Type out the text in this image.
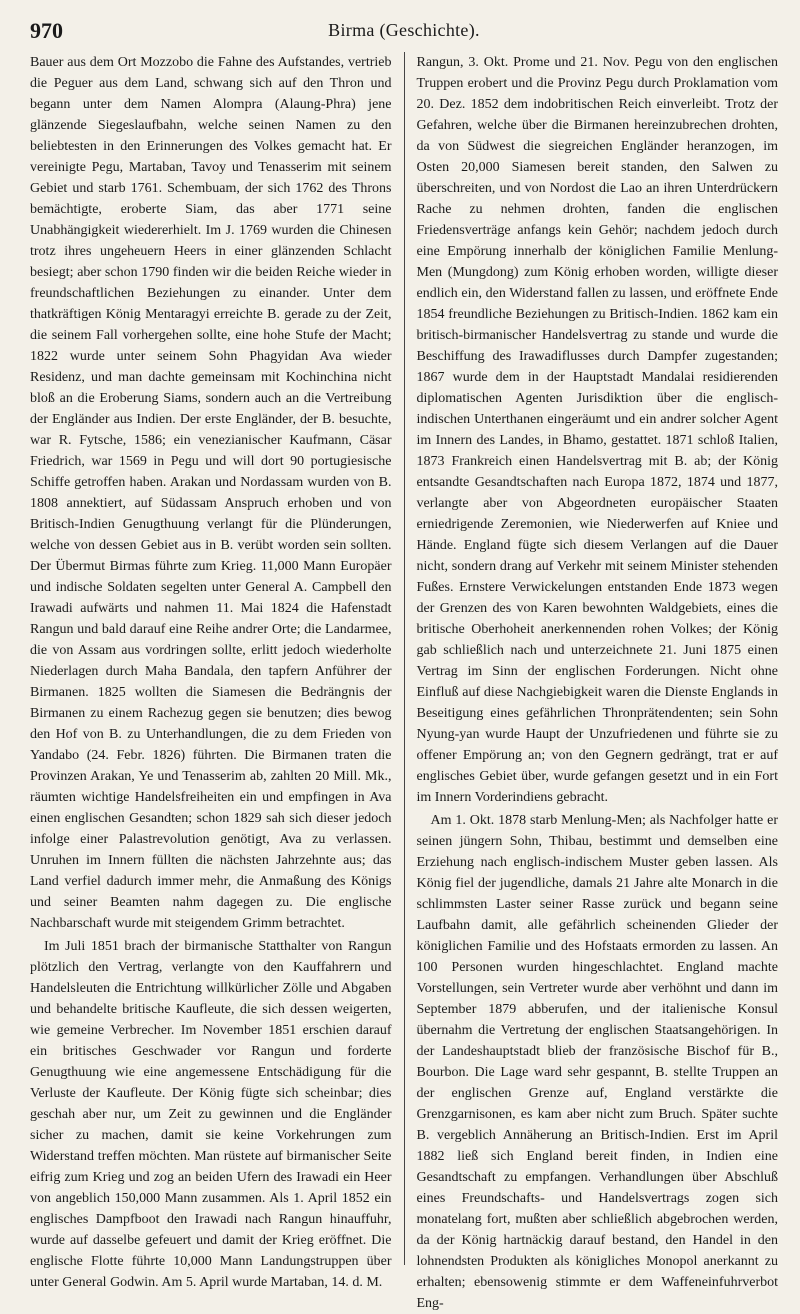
970	Birma (Geschichte).

Bauer aus dem Ort Mozzobo die Fahne des Aufstandes, vertrieb die Peguer aus dem Land, schwang sich auf den Thron und begann unter dem Namen Alompra (Alaung-Phra) jene glänzende Siegeslaufbahn, welche seinen Namen zu den beliebtesten in den Erinnerungen des Volkes gemacht hat. Er vereinigte Pegu, Martaban, Tavoy und Tenasserim mit seinem Gebiet und starb 1761. Schembuam, der sich 1762 des Throns bemächtigte, eroberte Siam, das aber 1771 seine Unabhängigkeit wiedererhielt. Im J. 1769 wurden die Chinesen trotz ihres ungeheuern Heers in einer glänzenden Schlacht besiegt; aber schon 1790 finden wir die beiden Reiche wieder in freundschaftlichen Beziehungen zu einander. Unter dem thatkräftigen König Mentaragyi erreichte B. gerade zu der Zeit, die seinem Fall vorhergehen sollte, eine hohe Stufe der Macht; 1822 wurde unter seinem Sohn Phagyidan Ava wieder Residenz, und man dachte gemeinsam mit Kochinchina nicht bloß an die Eroberung Siams, sondern auch an die Vertreibung der Engländer aus Indien. Der erste Engländer, der B. besuchte, war R. Fytsche, 1586; ein venezianischer Kaufmann, Cäsar Friedrich, war 1569 in Pegu und will dort 90 portugiesische Schiffe getroffen haben. Arakan und Nordassam wurden von B. 1808 annektiert, auf Südassam Anspruch erhoben und von Britisch-Indien Genugthuung verlangt für die Plünderungen, welche von dessen Gebiet aus in B. verübt worden sein sollten. Der Übermut Birmas führte zum Krieg. 11,000 Mann Europäer und indische Soldaten segelten unter General A. Campbell den Irawadi aufwärts und nahmen 11. Mai 1824 die Hafenstadt Rangun und bald darauf eine Reihe andrer Orte; die Landarmee, die von Assam aus vordringen sollte, erlitt jedoch wiederholte Niederlagen durch Maha Bandala, den tapfern Anführer der Birmanen. 1825 wollten die Siamesen die Bedrängnis der Birmanen zu einem Rachezug gegen sie benutzen; dies bewog den Hof von B. zu Unterhandlungen, die zu dem Frieden von Yandabo (24. Febr. 1826) führten. Die Birmanen traten die Provinzen Arakan, Ye und Tenasserim ab, zahlten 20 Mill. Mk., räumten wichtige Handelsfreiheiten ein und empfingen in Ava einen englischen Gesandten; schon 1829 sah sich dieser jedoch infolge einer Palastrevolution genötigt, Ava zu verlassen. Unruhen im Innern füllten die nächsten Jahrzehnte aus; das Land verfiel dadurch immer mehr, die Anmaßung des Königs und seiner Beamten nahm dagegen zu. Die englische Nachbarschaft wurde mit steigendem Grimm betrachtet.

Im Juli 1851 brach der birmanische Statthalter von Rangun plötzlich den Vertrag, verlangte von den Kauffahrern und Handelsleuten die Entrichtung willkürlicher Zölle und Abgaben und behandelte britische Kaufleute, die sich dessen weigerten, wie gemeine Verbrecher. Im November 1851 erschien darauf ein britisches Geschwader vor Rangun und forderte Genugthuung wie eine angemessene Entschädigung für die Verluste der Kaufleute. Der König fügte sich scheinbar; dies geschah aber nur, um Zeit zu gewinnen und die Engländer sicher zu machen, damit sie keine Vorkehrungen zum Widerstand treffen möchten. Man rüstete auf birmanischer Seite eifrig zum Krieg und zog an beiden Ufern des Irawadi ein Heer von angeblich 150,000 Mann zusammen. Als 1. April 1852 ein englisches Dampfboot den Irawadi nach Rangun hinauffuhr, wurde auf dasselbe gefeuert und damit der Krieg eröffnet. Die englische Flotte führte 10,000 Mann Landungstruppen über unter General Godwin. Am 5. April wurde Martaban, 14. d. M.

Rangun, 3. Okt. Prome und 21. Nov. Pegu von den englischen Truppen erobert und die Provinz Pegu durch Proklamation vom 20. Dez. 1852 dem indobritischen Reich einverleibt. Trotz der Gefahren, welche über die Birmanen hereinzubrechen drohten, da von Südwest die siegreichen Engländer heranzogen, im Osten 20,000 Siamesen bereit standen, den Salwen zu überschreiten, und von Nordost die Lao an ihren Unterdrückern Rache zu nehmen drohten, fanden die englischen Friedensverträge anfangs kein Gehör; nachdem jedoch durch eine Empörung innerhalb der königlichen Familie Menlung-Men (Mungdong) zum König erhoben worden, willigte dieser endlich ein, den Widerstand fallen zu lassen, und eröffnete Ende 1854 freundliche Beziehungen zu Britisch-Indien. 1862 kam ein britisch-birmanischer Handelsvertrag zu stande und wurde die Beschiffung des Irawadiflusses durch Dampfer zugestanden; 1867 wurde dem in der Hauptstadt Mandalai residierenden diplomatischen Agenten Jurisdiktion über die englisch-indischen Unterthanen eingeräumt und ein andrer solcher Agent im Innern des Landes, in Bhamo, gestattet. 1871 schloß Italien, 1873 Frankreich einen Handelsvertrag mit B. ab; der König entsandte Gesandtschaften nach Europa 1872, 1874 und 1877, verlangte aber von Abgeordneten europäischer Staaten erniedrigende Zeremonien, wie Niederwerfen auf Kniee und Hände. England fügte sich diesem Verlangen auf die Dauer nicht, sondern drang auf Verkehr mit seinem Minister stehenden Fußes. Ernstere Verwickelungen entstanden Ende 1873 wegen der Grenzen des von Karen bewohnten Waldgebiets, eines die britische Oberhoheit anerkennenden rohen Volkes; der König gab schließlich nach und unterzeichnete 21. Juni 1875 einen Vertrag im Sinn der englischen Forderungen. Nicht ohne Einfluß auf diese Nachgiebigkeit waren die Dienste Englands in Beseitigung eines gefährlichen Thronprätendenten; sein Sohn Nyung-yan wurde Haupt der Unzufriedenen und führte sie zu offener Empörung an; von den Gegnern gedrängt, trat er auf englisches Gebiet über, wurde gefangen gesetzt und in ein Fort im Innern Vorderindiens gebracht.

Am 1. Okt. 1878 starb Menlung-Men; als Nachfolger hatte er seinen jüngern Sohn, Thibau, bestimmt und demselben eine Erziehung nach englisch-indischem Muster geben lassen. Als König fiel der jugendliche, damals 21 Jahre alte Monarch in die schlimmsten Laster seiner Rasse zurück und begann seine Laufbahn damit, alle gefährlich scheinenden Glieder der königlichen Familie und des Hofstaats ermorden zu lassen. An 100 Personen wurden hingeschlachtet. England machte Vorstellungen, sein Vertreter wurde aber verhöhnt und dann im September 1879 abberufen, und der italienische Konsul übernahm die Vertretung der englischen Staatsangehörigen. In der Landeshauptstadt blieb der französische Bischof für B., Bourbon. Die Lage ward sehr gespannt, B. stellte Truppen an der englischen Grenze auf, England verstärkte die Grenzgarnisonen, es kam aber nicht zum Bruch. Später suchte B. vergeblich Annäherung an Britisch-Indien. Erst im April 1882 ließ sich England bereit finden, in Indien eine Gesandtschaft zu empfangen. Verhandlungen über Abschluß eines Freundschafts- und Handelsvertrags zogen sich monatelang fort, mußten aber schließlich abgebrochen werden, da der König hartnäckig darauf bestand, den Handel in den lohnendsten Produkten als königliches Monopol anerkannt zu erhalten; ebensowenig stimmte er dem Waffeneinfuhrverbot Eng-
